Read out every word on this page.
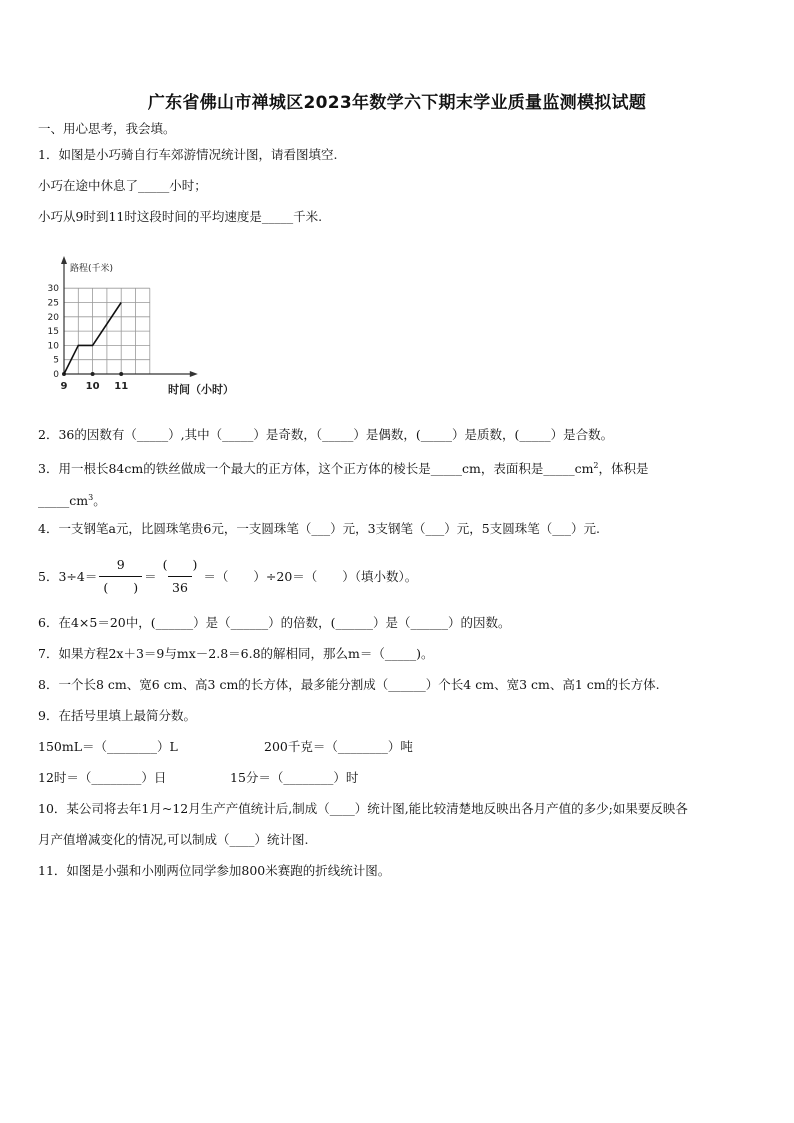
广东省佛山市禅城区2023年数学六下期末学业质量监测模拟试题
一、用心思考，我会填。
1．如图是小巧骑自行车郊游情况统计图，请看图填空.
小巧在途中休息了_____小时；
小巧从9时到11时这段时间的平均速度是_____千米.
0
5
10
15
20
25
30
9 10 11
路程(千米)
时间（小时）
2．36的因数有（_____）,其中（_____）是奇数，（_____）是偶数，(_____）是质数，(_____）是合数。
3．用一根长84cm的铁丝做成一个最大的正方体，这个正方体的棱长是_____cm，表面积是$\_\_\_\_\_cm^2$，体积是
$\_\_\_\_\_cm^3$。
4．一支钢笔a元，比圆珠笔贵6元，一支圆珠笔（___）元，3支钢笔（___）元，5支圆珠笔（___）元.
5．$3\div 4= \frac{9}{( )} = \frac{( )}{36}$ ＝（　　）÷20＝（　　）（填小数）。
6．在4×5＝20中，(______）是（______）的倍数，(______）是（______）的因数。
7．如果方程2x＋3＝9与mx－2.8＝6.8的解相同，那么m＝（_____)。
8．一个长8 cm、宽6 cm、高3 cm的长方体，最多能分割成（______）个长4 cm、宽3 cm、高1 cm的长方体.
9．在括号里填上最简分数。
150mL＝（________）L	200千克＝（________）吨
12时＝（________）日	15分＝（________）时
10．某公司将去年1月~12月生产产值统计后,制成（____）统计图,能比较清楚地反映出各月产值的多少;如果要反映各
月产值增减变化的情况,可以制成（____）统计图.
11．如图是小强和小刚两位同学参加800米赛跑的折线统计图。
